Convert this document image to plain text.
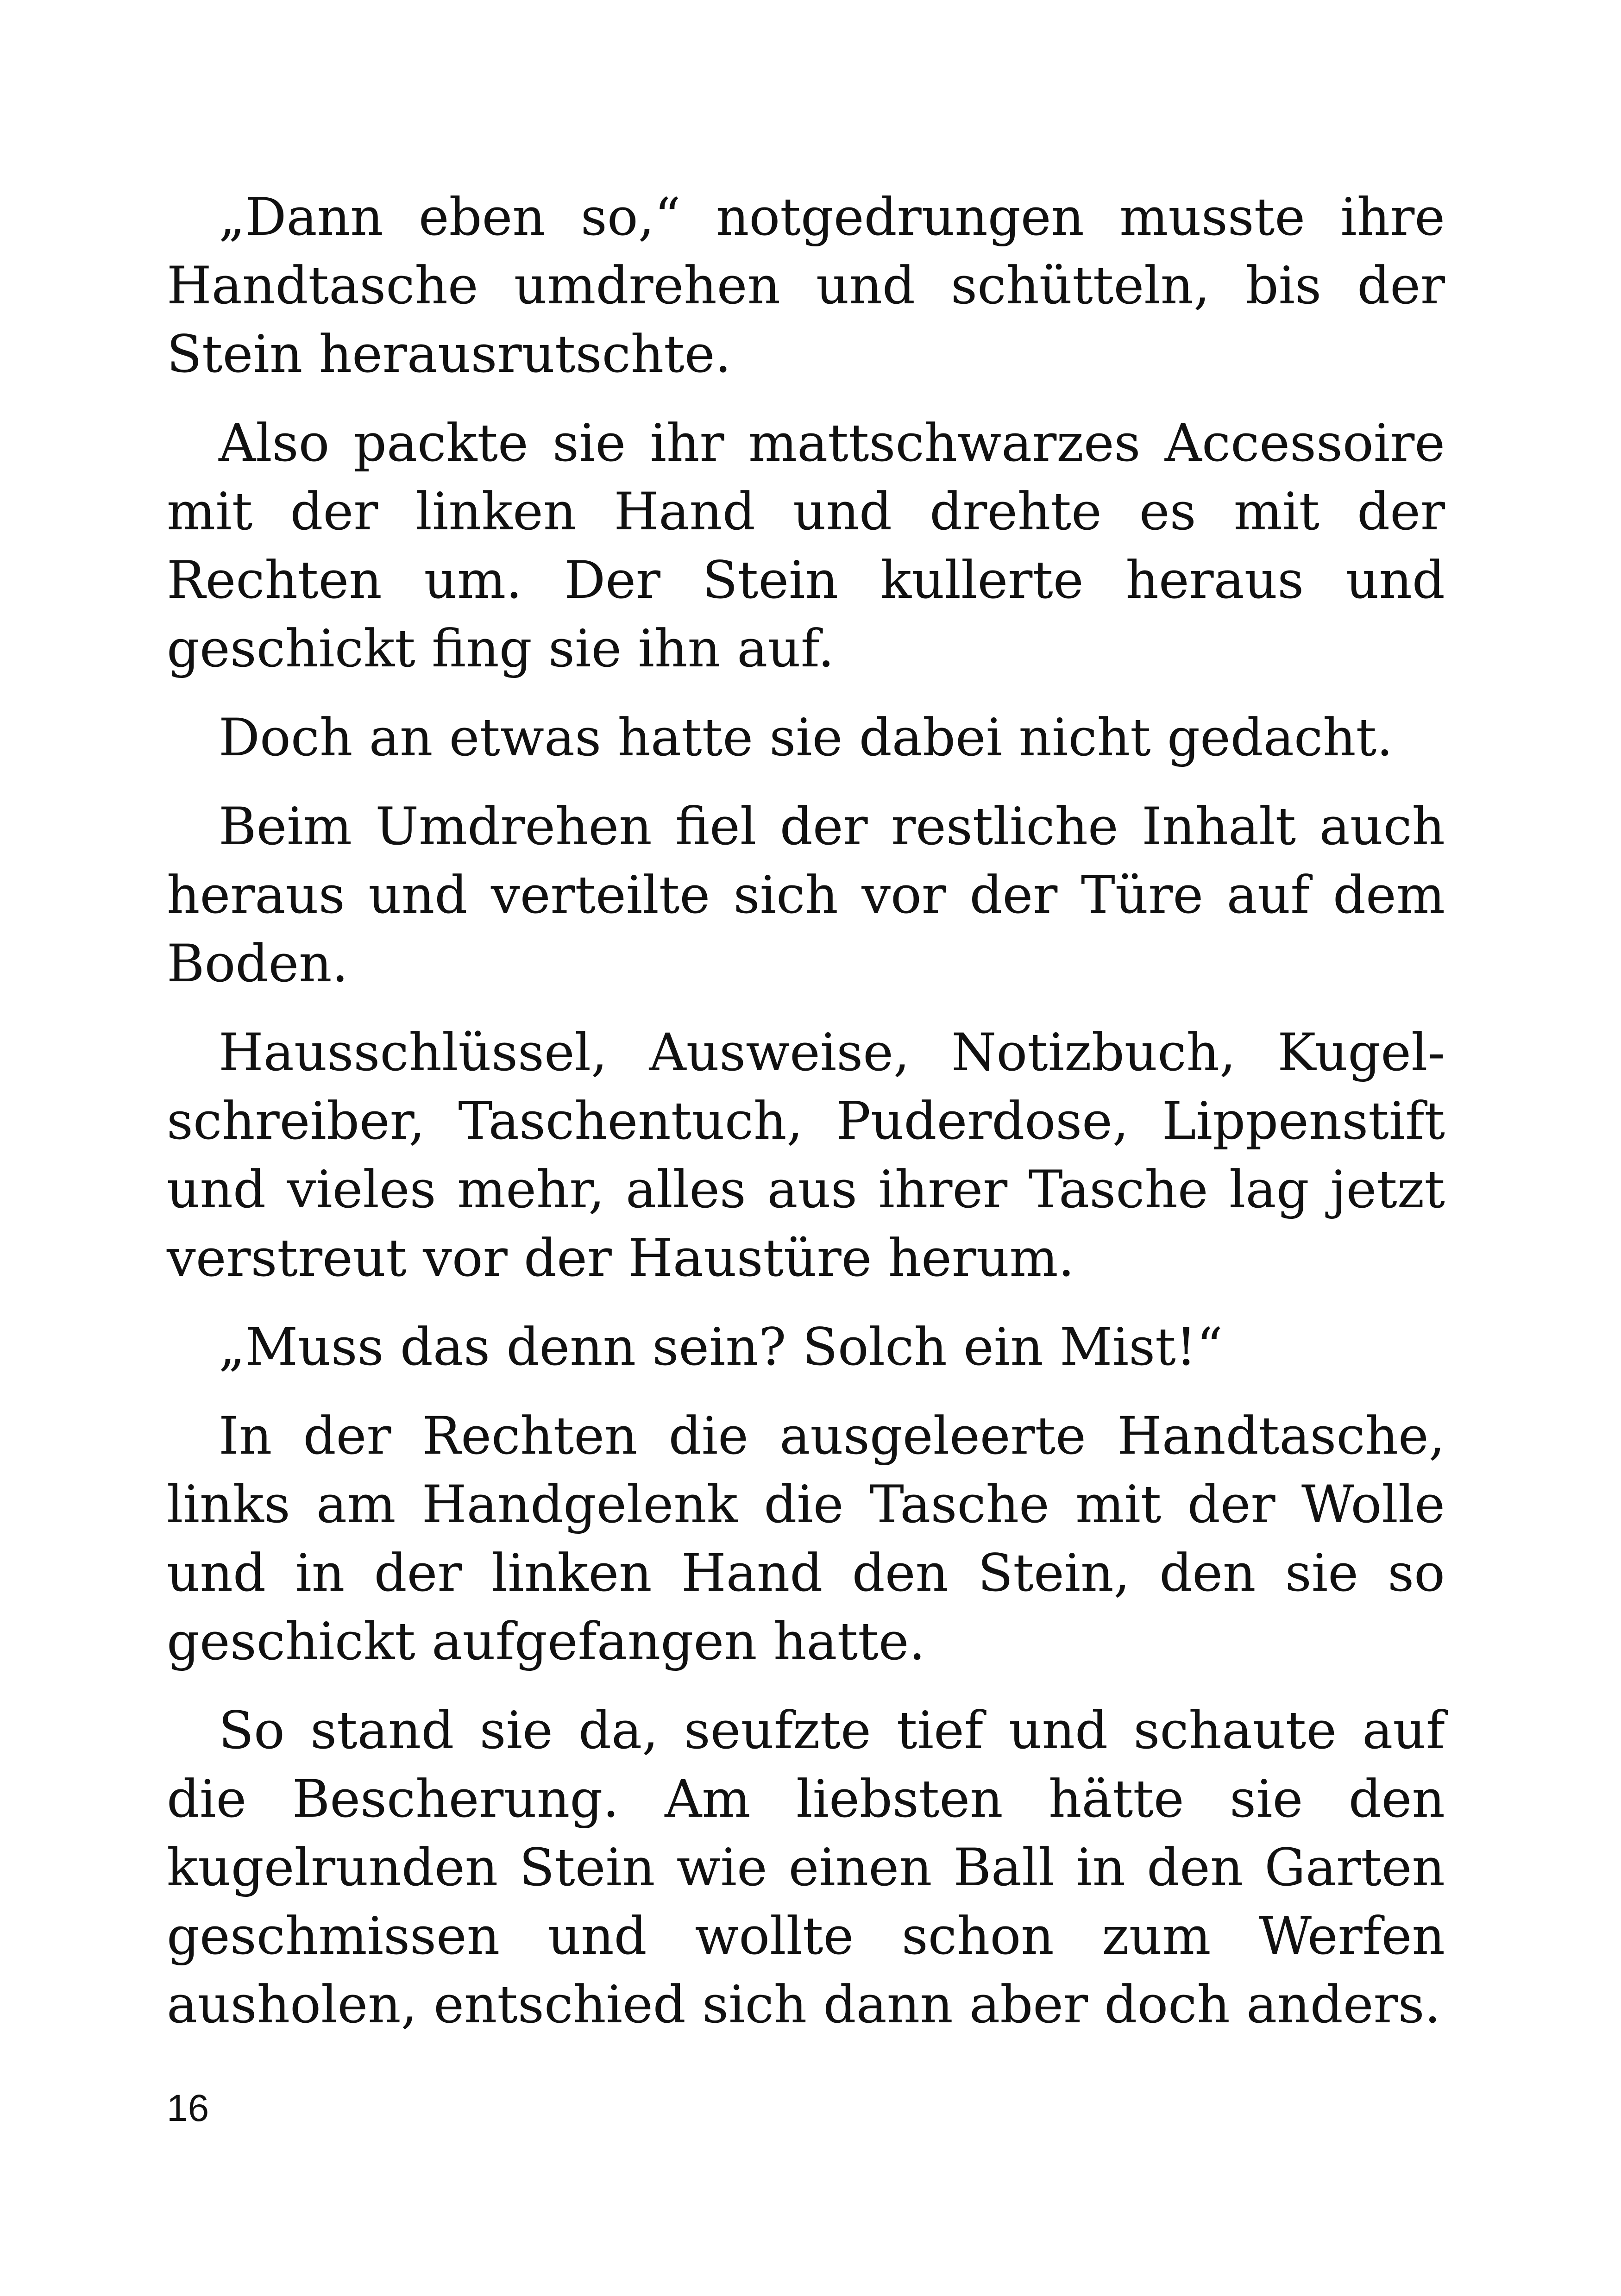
„Dann eben so,“ notgedrungen musste ihre Handtasche umdrehen und schütteln, bis der Stein herausrutschte.

Also packte sie ihr mattschwarzes Accessoire mit der linken Hand und drehte es mit der Rechten um. Der Stein kullerte heraus und geschickt fing sie ihn auf.

Doch an etwas hatte sie dabei nicht gedacht.

Beim Umdrehen fiel der restliche Inhalt auch heraus und verteilte sich vor der Türe auf dem Boden.

Hausschlüssel, Ausweise, Notizbuch, Kugelschreiber, Taschentuch, Puderdose, Lippenstift und vieles mehr, alles aus ihrer Tasche lag jetzt verstreut vor der Haustüre herum.

„Muss das denn sein? Solch ein Mist!“

In der Rechten die ausgeleerte Handtasche, links am Handgelenk die Tasche mit der Wolle und in der linken Hand den Stein, den sie so geschickt aufgefangen hatte.

So stand sie da, seufzte tief und schaute auf die Bescherung. Am liebsten hätte sie den kugelrunden Stein wie einen Ball in den Garten geschmissen und wollte schon zum Werfen ausholen, entschied sich dann aber doch anders.

16
